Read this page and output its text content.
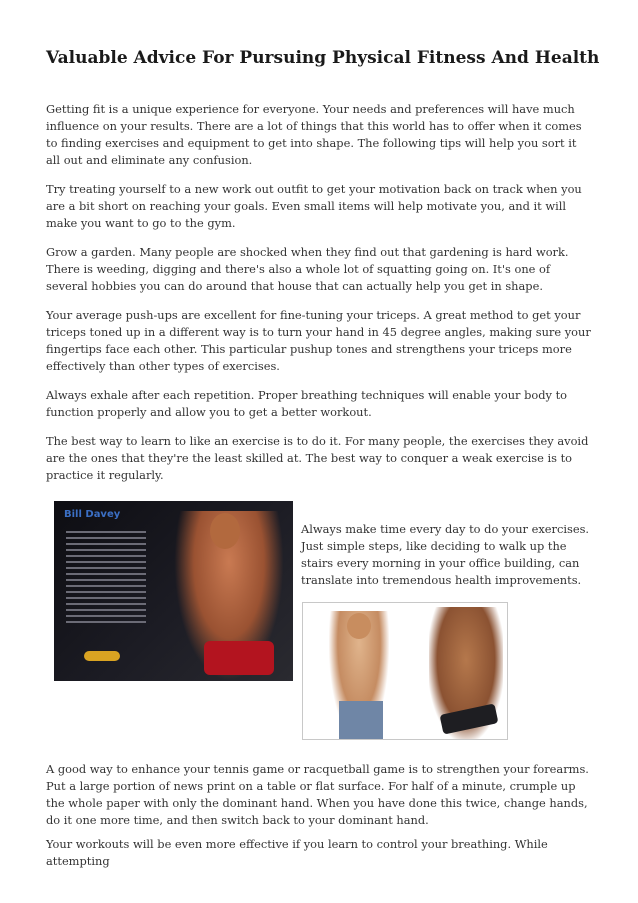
Valuable Advice For Pursuing Physical Fitness And Health

Getting fit is a unique experience for everyone. Your needs and preferences will have much influence on your results. There are a lot of things that this world has to offer when it comes to finding exercises and equipment to get into shape. The following tips will help you sort it all out and eliminate any confusion.

Try treating yourself to a new work out outfit to get your motivation back on track when you are a bit short on reaching your goals. Even small items will help motivate you, and it will make you want to go to the gym.

Grow a garden. Many people are shocked when they find out that gardening is hard work. There is weeding, digging and there's also a whole lot of squatting going on. It's one of several hobbies you can do around that house that can actually help you get in shape.

Your average push-ups are excellent for fine-tuning your triceps. A great method to get your triceps toned up in a different way is to turn your hand in 45 degree angles, making sure your fingertips face each other. This particular pushup tones and strengthens your triceps more effectively than other types of exercises.

Always exhale after each repetition. Proper breathing techniques will enable your body to function properly and allow you to get a better workout.

The best way to learn to like an exercise is to do it. For many people, the exercises they avoid are the ones that they're the least skilled at. The best way to conquer a weak exercise is to practice it regularly.

Bill Davey
Always make time every day to do your exercises. Just simple steps, like deciding to walk up the stairs every morning in your office building, can translate into tremendous health improvements.

A good way to enhance your tennis game or racquetball game is to strengthen your forearms. Put a large portion of news print on a table or flat surface. For half of a minute, crumple up the whole paper with only the dominant hand. When you have done this twice, change hands, do it one more time, and then switch back to your dominant hand.

Your workouts will be even more effective if you learn to control your breathing. While attempting
